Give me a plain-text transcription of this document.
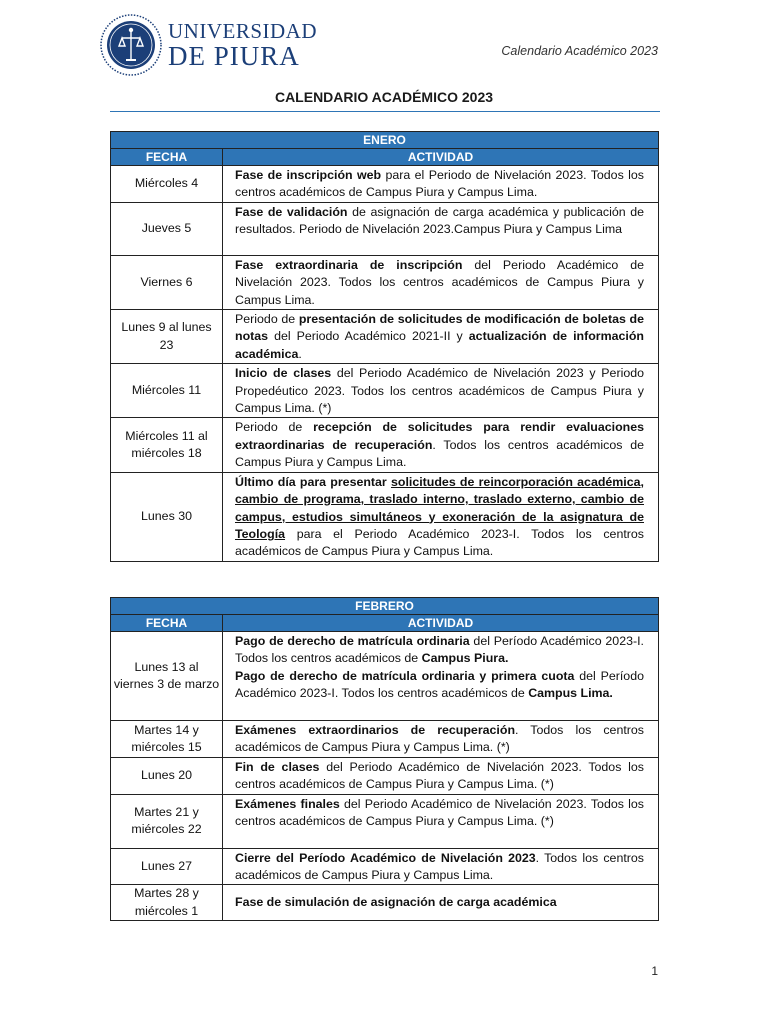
UNIVERSIDAD
DE PIURA	Calendario Académico 2023
CALENDARIO ACADÉMICO 2023
ENERO	
FECHA	ACTIVIDAD
Miércoles 4	Fase de inscripción web para el Periodo de Nivelación 2023. Todos los centros académicos de Campus Piura y Campus Lima.
Jueves 5	Fase de validación de asignación de carga académica y publicación de resultados. Periodo de Nivelación 2023.Campus Piura y Campus Lima
Viernes 6	Fase extraordinaria de inscripción del Periodo Académico de Nivelación 2023. Todos los centros académicos de Campus Piura y Campus Lima.
Lunes 9 al lunes 23	Periodo de presentación de solicitudes de modificación de boletas de notas del Periodo Académico 2021-II y actualización de información académica.
Miércoles 11	Inicio de clases del Periodo Académico de Nivelación 2023 y Periodo Propedéutico 2023. Todos los centros académicos de Campus Piura y Campus Lima. (*)
Miércoles 11 al miércoles 18	Periodo de recepción de solicitudes para rendir evaluaciones extraordinarias de recuperación. Todos los centros académicos de Campus Piura y Campus Lima.
Lunes 30	Último día para presentar solicitudes de reincorporación académica, cambio de programa, traslado interno, traslado externo, cambio de campus, estudios simultáneos y exoneración de la asignatura de Teología para el Periodo Académico 2023-I. Todos los centros académicos de Campus Piura y Campus Lima.
FEBRERO	
FECHA	ACTIVIDAD
Lunes 13 al viernes 3 de marzo	Pago de derecho de matrícula ordinaria del Período Académico 2023-I. Todos los centros académicos de Campus Piura.
Pago de derecho de matrícula ordinaria y primera cuota del Período Académico 2023-I. Todos los centros académicos de Campus Lima.
Martes 14 y miércoles 15	Exámenes extraordinarios de recuperación. Todos los centros académicos de Campus Piura y Campus Lima. (*)
Lunes 20	Fin de clases del Periodo Académico de Nivelación 2023. Todos los centros académicos de Campus Piura y Campus Lima. (*)
Martes 21 y miércoles 22	Exámenes finales del Periodo Académico de Nivelación 2023. Todos los centros académicos de Campus Piura y Campus Lima. (*)
Lunes 27	Cierre del Período Académico de Nivelación 2023. Todos los centros académicos de Campus Piura y Campus Lima.
Martes 28 y miércoles 1	Fase de simulación de asignación de carga académica
1
